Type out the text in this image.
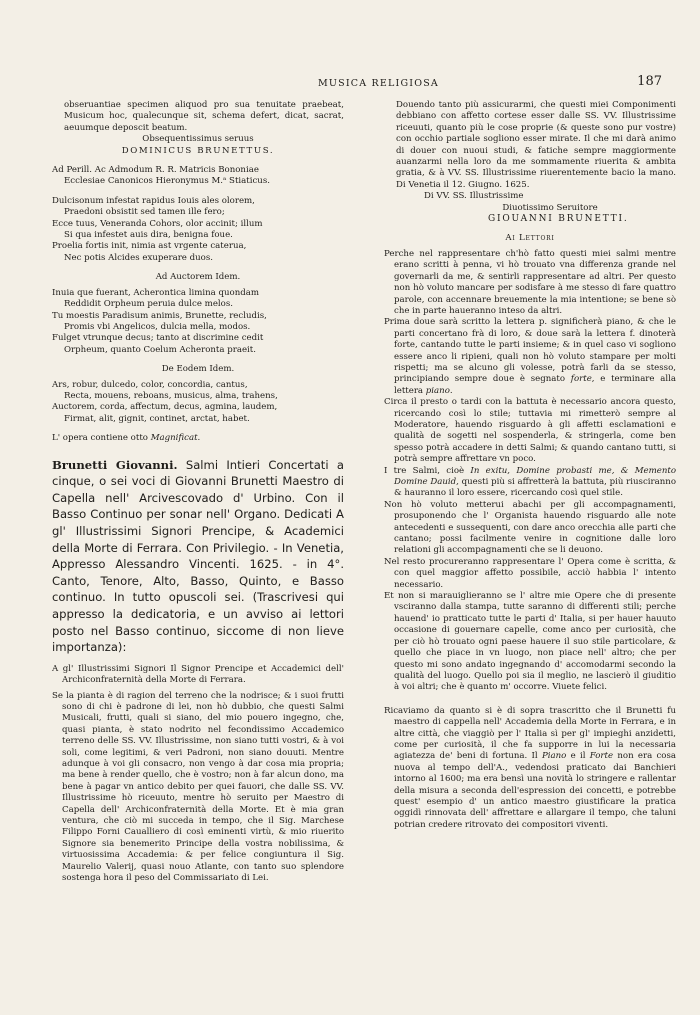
MUSICA RELIGIOSA	187

obseruantiae specimen aliquod pro sua tenuitate praebeat, Musicum hoc, qualecunque sit, schema defert, dicat, sacrat, aeuumque deposcit beatum.

Obsequentissimus seruus

DOMINICUS BRUNETTUS.

Ad Perill. Ac Admodum R. R. Matricis Bononiae

Ecclesiae Canonicos Hieronymus M.ᵃ Stiaticus.

Dulcisonum infestat rapidus Iouis ales olorem,

Praedoni obsistit sed tamen ille fero;

Ecce tuus, Veneranda Cohors, olor accinit; illum

Si qua infestet auis dira, benigna foue.

Proelia fortis init, nimia ast vrgente caterua,

Nec potis Alcides exuperare duos.

Ad Auctorem Idem.

Inuia que fuerant, Acherontica limina quondam

Reddidit Orpheum peruia dulce melos.

Tu moestis Paradisum animis, Brunette, recludis,

Promis vbi Angelicos, dulcia mella, modos.

Fulget vtrunque decus; tanto at discrimine cedit

Orpheum, quanto Coelum Acheronta praeit.

De Eodem Idem.

Ars, robur, dulcedo, color, concordia, cantus,

Recta, mouens, reboans, musicus, alma, trahens,

Auctorem, corda, affectum, decus, agmina, laudem,

Firmat, alit, gignit, continet, arctat, habet.

L' opera contiene otto Magnificat.

Brunetti Giovanni. Salmi Intieri Concertati a cinque, o sei voci di Giovanni Brunetti Maestro di Capella nell' Arcivescovado d' Urbino. Con il Basso Continuo per sonar nell' Organo. Dedicati A gl' Illustrissimi Signori Prencipe, & Academici della Morte di Ferrara. Con Privilegio. - In Venetia, Appresso Alessandro Vincenti. 1625. - in 4°. Canto, Tenore, Alto, Basso, Quinto, e Basso continuo. In tutto opuscoli sei. (Trascrivesi qui appresso la dedicatoria, e un avviso ai lettori posto nel Basso continuo, siccome di non lieve importanza):

A gl' Illustrissimi Signori Il Signor Prencipe et Accademici dell' Archiconfraternità della Morte di Ferrara.

Se la pianta è di ragion del terreno che la nodrisce; & i suoi frutti sono di chi è padrone di lei, non hò dubbio, che questi Salmi Musicali, frutti, quali si siano, del mio pouero ingegno, che, quasi pianta, è stato nodrito nel fecondissimo Accademico terreno delle SS. VV. Illustrissime, non siano tutti vostri, & à voi soli, come legitimi, & veri Padroni, non siano douuti. Mentre adunque à voi gli consacro, non vengo à dar cosa mia propria; ma bene à render quello, che è vostro; non à far alcun dono, ma bene à pagar vn antico debito per quei fauori, che dalle SS. VV. Illustrissime hò riceuuto, mentre hò seruito per Maestro di Capella dell' Archiconfraternità della Morte. Et è mia gran ventura, che ciò mi succeda in tempo, che il Sig. Marchese Filippo Forni Caualliero di così eminenti virtù, & mio riuerito Signore sia benemerito Principe della vostra nobilissima, & virtuosissima Accademia: & per felice congiuntura il Sig. Maurelio Valerij, quasi nouo Atlante, con tanto suo splendore sostenga hora il peso del Commissariato di Lei.

Douendo tanto più assicurarmi, che questi miei Componimenti debbiano con affetto cortese esser dalle SS. VV. Illustrissime riceuuti, quanto più le cose proprie (& queste sono pur vostre) con occhio partiale sogliono esser mirate. Il che mi darà animo di douer con nuoui studi, & fatiche sempre maggiormente auanzarmi nella loro da me sommamente riuerita & ambita gratia, & à VV. SS. Illustrissime riuerentemente bacio la mano. Di Venetia il 12. Giugno. 1625.

Di VV. SS. Illustrissime

Diuotissimo Seruitore

GIOUANNI BRUNETTI.

Ai Lettori

Perche nel rappresentare ch'hò fatto questi miei salmi mentre erano scritti à penna, vi hò trouato vna differenza grande nel governarli da me, & sentirli rappresentare ad altri. Per questo non hò voluto mancare per sodisfare à me stesso di fare quattro parole, con accennare breuemente la mia intentione; se bene sò che in parte haueranno inteso da altri.

Prima doue sarà scritto la lettera p. significherà piano, & che le parti concertano frà di loro, & doue sarà la lettera f. dinoterà forte, cantando tutte le parti insieme; & in quel caso vi sogliono essere anco li ripieni, quali non hò voluto stampare per molti rispetti; ma se alcuno gli volesse, potrà farli da se stesso, principiando sempre doue è segnato forte, e terminare alla lettera piano.

Circa il presto o tardi con la battuta è necessario ancora questo, ricercando così lo stile; tuttavia mi rimetterò sempre al Moderatore, hauendo risguardo à gli affetti esclamationi e qualità de sogetti nel sospenderla, & stringerla, come ben spesso potrà accadere in detti Salmi; & quando cantano tutti, si potrà sempre affrettare vn poco.

I tre Salmi, cioè In exitu, Domine probasti me, & Memento Domine Dauid, questi più si affretterà la battuta, più riusciranno & hauranno il loro essere, ricercando così quel stile.

Non hò voluto metterui abachi per gli accompagnamenti, prosuponendo che l' Organista hauendo risguardo alle note antecedenti e sussequenti, con dare anco orecchia alle parti che cantano; possi facilmente venire in cognitione dalle loro relationi gli accompagnamenti che se li deuono.

Nel resto procureranno rappresentare l' Opera come è scritta, & con quel maggior affetto possibile, acciò habbia l' intento necessario.

Et non si marauiglieranno se l' altre mie Opere che di presente vsciranno dalla stampa, tutte saranno di differenti stili; perche hauend' io pratticato tutte le parti d' Italia, si per hauer hauuto occasione di gouernare capelle, come anco per curiosità, che per ciò hò trouato ogni paese hauere il suo stile particolare, & quello che piace in vn luogo, non piace nell' altro; che per questo mi sono andato ingegnando d' accomodarmi secondo la qualità del luogo. Quello poi sia il meglio, ne lascierò il giuditio à voi altri; che è quanto m' occorre. Viuete felici.

Ricaviamo da quanto si è di sopra trascritto che il Brunetti fu maestro di cappella nell' Accademia della Morte in Ferrara, e in altre città, che viaggiò per l' Italia sì per gl' impieghi anzidetti, come per curiosità, il che fa supporre in lui la necessaria agiatezza de' beni di fortuna. Il Piano e il Forte non era cosa nuova al tempo dell'A., vedendosi praticato dai Banchieri intorno al 1600; ma era bensì una novità lo stringere e rallentar della misura a seconda dell'espression dei concetti, e potrebbe quest' esempio d' un antico maestro giustificare la pratica oggidì rinnovata dell' affrettare e allargare il tempo, che taluni potrian credere ritrovato dei compositori viventi.
